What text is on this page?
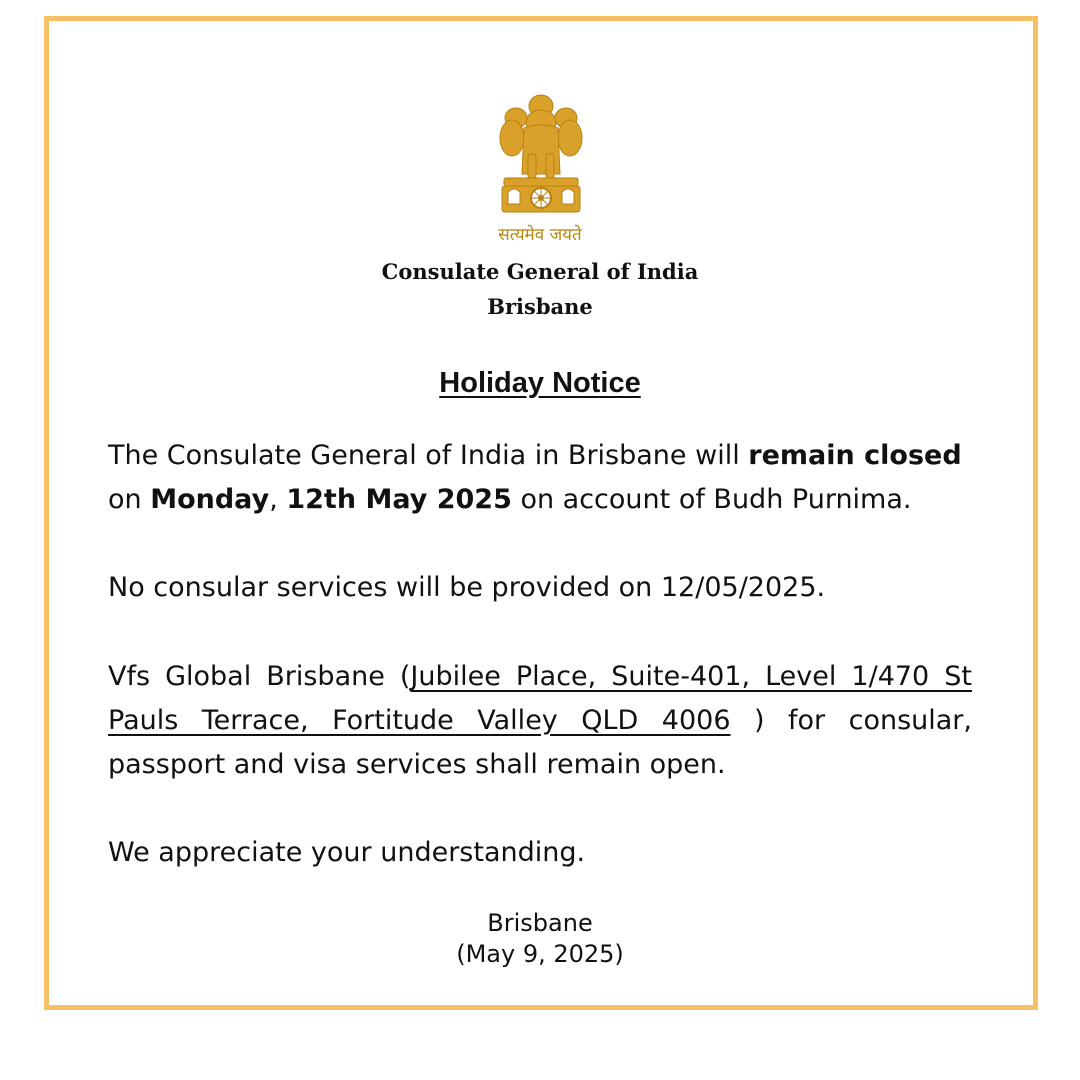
सत्यमेव जयते
Consulate General of India
Brisbane
Holiday Notice
The Consulate General of India in Brisbane will remain closed on Monday, 12th May 2025 on account of Budh Purnima.
No consular services will be provided on 12/05/2025.
Vfs Global Brisbane (Jubilee Place, Suite-401, Level 1/470 St Pauls Terrace, Fortitude Valley QLD 4006 ) for consular, passport and visa services shall remain open.
We appreciate your understanding.
Brisbane
(May 9, 2025)
